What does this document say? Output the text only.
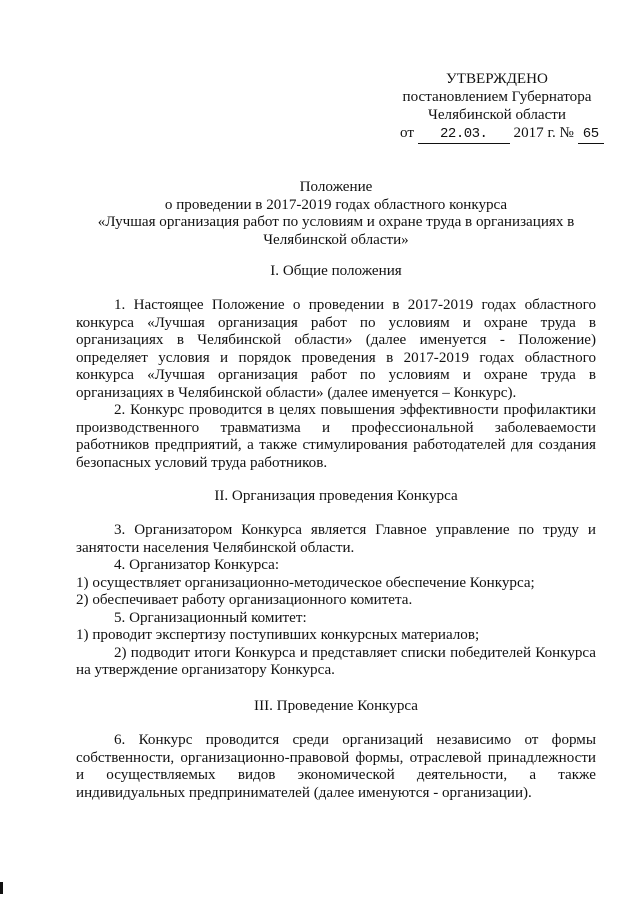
УТВЕРЖДЕНО
постановлением Губернатора
Челябинской области
от 22.03. 2017 г. № 65
Положение
о проведении в 2017-2019 годах областного конкурса
«Лучшая организация работ по условиям и охране труда в организациях в
Челябинской области»
I. Общие положения

1. Настоящее Положение о проведении в 2017-2019 годах областного конкурса «Лучшая организация работ по условиям и охране труда в организациях в Челябинской области» (далее именуется - Положение) определяет условия и порядок проведения в 2017-2019 годах областного конкурса «Лучшая организация работ по условиям и охране труда в организациях в Челябинской области» (далее именуется – Конкурс).

2. Конкурс проводится в целях повышения эффективности профилактики производственного травматизма и профессиональной заболеваемости работников предприятий, а также стимулирования работодателей для создания безопасных условий труда работников.

II. Организация проведения Конкурса

3. Организатором Конкурса является Главное управление по труду и занятости населения Челябинской области.

4. Организатор Конкурса:

1) осуществляет организационно-методическое обеспечение Конкурса;

2) обеспечивает работу организационного комитета.

5. Организационный комитет:

1) проводит экспертизу поступивших конкурсных материалов;

2) подводит итоги Конкурса и представляет списки победителей Конкурса на утверждение организатору Конкурса.

III. Проведение Конкурса

6. Конкурс проводится среди организаций независимо от формы собственности, организационно-правовой формы, отраслевой принадлежности и осуществляемых видов экономической деятельности, а также индивидуальных предпринимателей (далее именуются - организации).
